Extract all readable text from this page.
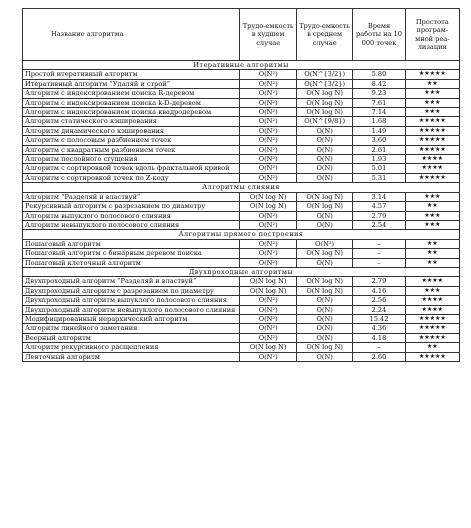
Название алгоритма	Трудо-емкость в худшем случае	Трудо-емкость в среднем случае	Время работы на 10 000 точек	Простота програм-мной реа-лизации
Итеративные алгоритмы				
Простой итеративный алгоритм	O(N²)	O(N^{3/2})	5.80	★★★★★
Итеративный алгоритм “Удаляй и строй”	O(N²)	O(N^{3/2})	8.42	★★
Алгоритм с индексированием поиска R-деревом	O(N²)	O(N log N)	9.23	★★★
Алгоритм с индексированием поиска k-D-деревом	O(N²)	O(N log N)	7.61	★★★
Алгоритм с индексированием поиска квадродеревом	O(N²)	O(N log N)	7.14	★★★
Алгоритм статического кэширования	O(N²)	O(N^{9/8})	1.68	★★★★★
Алгоритм динамического кэширования	O(N²)	O(N)	1.49	★★★★★
Алгоритм с полосовым разбиением точек	O(N²)	O(N)	3.60	★★★★★
Алгоритм с квадратным разбиением точек	O(N²)	O(N)	2.61	★★★★★
Алгоритм послойного сгущения	O(N²)	O(N)	1.93	★★★★
Алгоритм с сортировкой точек вдоль фрактальной кривой	O(N²)	O(N)	5.01	★★★★
Алгоритм с сортировкой точек по Z-коду	O(N²)	O(N)	5.31	★★★★★
Алгоритмы слияния				
Алгоритм “Разделяй и властвуй”	O(N log N)	O(N log N)	3.14	★★★
Рекурсивный алгоритм с разрезанием по диаметру	O(N log N)	O(N log N)	4.57	★★
Алгоритм выпуклого полосового слияния	O(N²)	O(N)	2.79	★★★
Алгоритм невыпуклого полосового слияния	O(N²)	O(N)	2.54	★★★
Алгоритмы прямого построения				
Пошаговый алгоритм	O(N²)	O(N²)	–	★★
Пошаговый алгоритм с бинарным деревом поиска	O(N²)	O(N log N)	–	★★
Пошаговый клеточный алгоритм	O(N²)	O(N)	–	★★
Двухпроходные алгоритмы				
Двухпроходный алгоритм “Разделяй и властвуй”	O(N log N)	O(N log N)	2.79	★★★★
Двухпроходный алгоритм с разрезанием по диаметру	O(N log N)	O(N log N)	4.16	★★★
Двухпроходный алгоритм выпуклого полосового слияния	O(N²)	O(N)	2.56	★★★★
Двухпроходный алгоритм невыпуклого полосового слияния	O(N²)	O(N)	2.24	★★★★
Модифицированный иерархический алгоритм	O(N²)	O(N)	15.42	★★★★★
Алгоритм линейного заметания	O(N²)	O(N)	4.36	★★★★★
Веерный алгоритм	O(N²)	O(N)	4.18	★★★★★
Алгоритм рекурсивного расщепления	O(N log N)	O(N log N)	–	★★
Ленточный алгоритм	O(N²)	O(N)	2.60	★★★★★
